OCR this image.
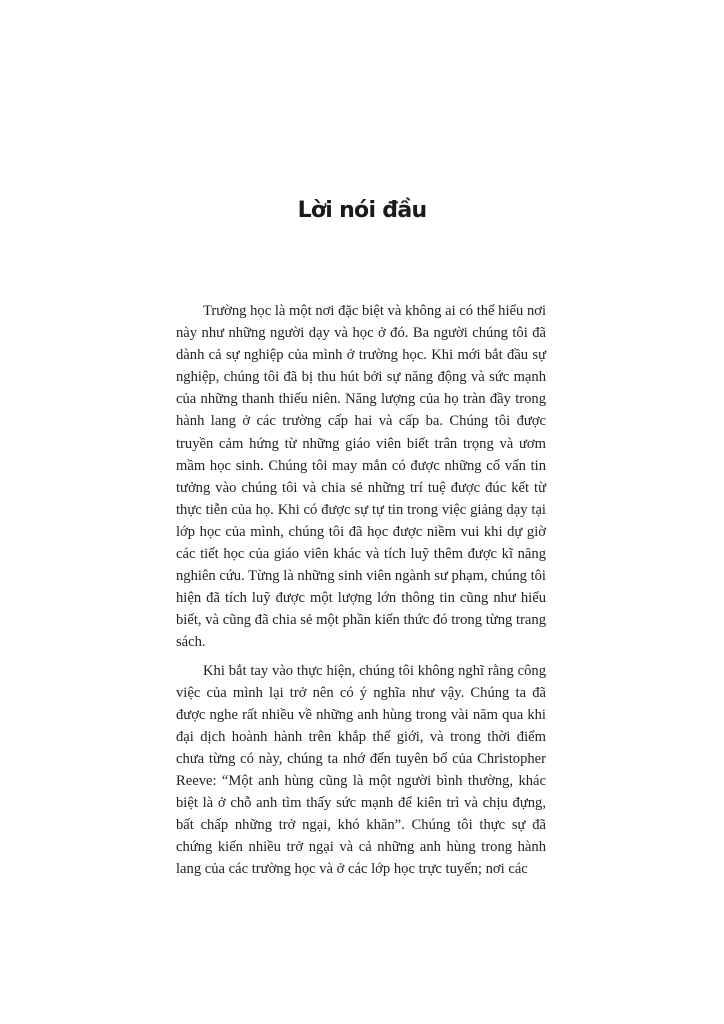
Lời nói đầu

Trường học là một nơi đặc biệt và không ai có thể hiểu nơi này như những người dạy và học ở đó. Ba người chúng tôi đã dành cả sự nghiệp của mình ở trường học. Khi mới bắt đầu sự nghiệp, chúng tôi đã bị thu hút bởi sự năng động và sức mạnh của những thanh thiếu niên. Năng lượng của họ tràn đầy trong hành lang ở các trường cấp hai và cấp ba. Chúng tôi được truyền cảm hứng từ những giáo viên biết trân trọng và ươm mầm học sinh. Chúng tôi may mắn có được những cố vấn tin tưởng vào chúng tôi và chia sẻ những trí tuệ được đúc kết từ thực tiễn của họ. Khi có được sự tự tin trong việc giảng dạy tại lớp học của mình, chúng tôi đã học được niềm vui khi dự giờ các tiết học của giáo viên khác và tích luỹ thêm được kĩ năng nghiên cứu. Từng là những sinh viên ngành sư phạm, chúng tôi hiện đã tích luỹ được một lượng lớn thông tin cũng như hiểu biết, và cũng đã chia sẻ một phần kiến thức đó trong từng trang sách.

Khi bắt tay vào thực hiện, chúng tôi không nghĩ rằng công việc của mình lại trở nên có ý nghĩa như vậy. Chúng ta đã được nghe rất nhiều về những anh hùng trong vài năm qua khi đại dịch hoành hành trên khắp thế giới, và trong thời điểm chưa từng có này, chúng ta nhớ đến tuyên bố của Christopher Reeve: “Một anh hùng cũng là một người bình thường, khác biệt là ở chỗ anh tìm thấy sức mạnh để kiên trì và chịu đựng, bất chấp những trở ngại, khó khăn”. Chúng tôi thực sự đã chứng kiến nhiều trở ngại và cả những anh hùng trong hành lang của các trường học và ở các lớp học trực tuyến; nơi các
